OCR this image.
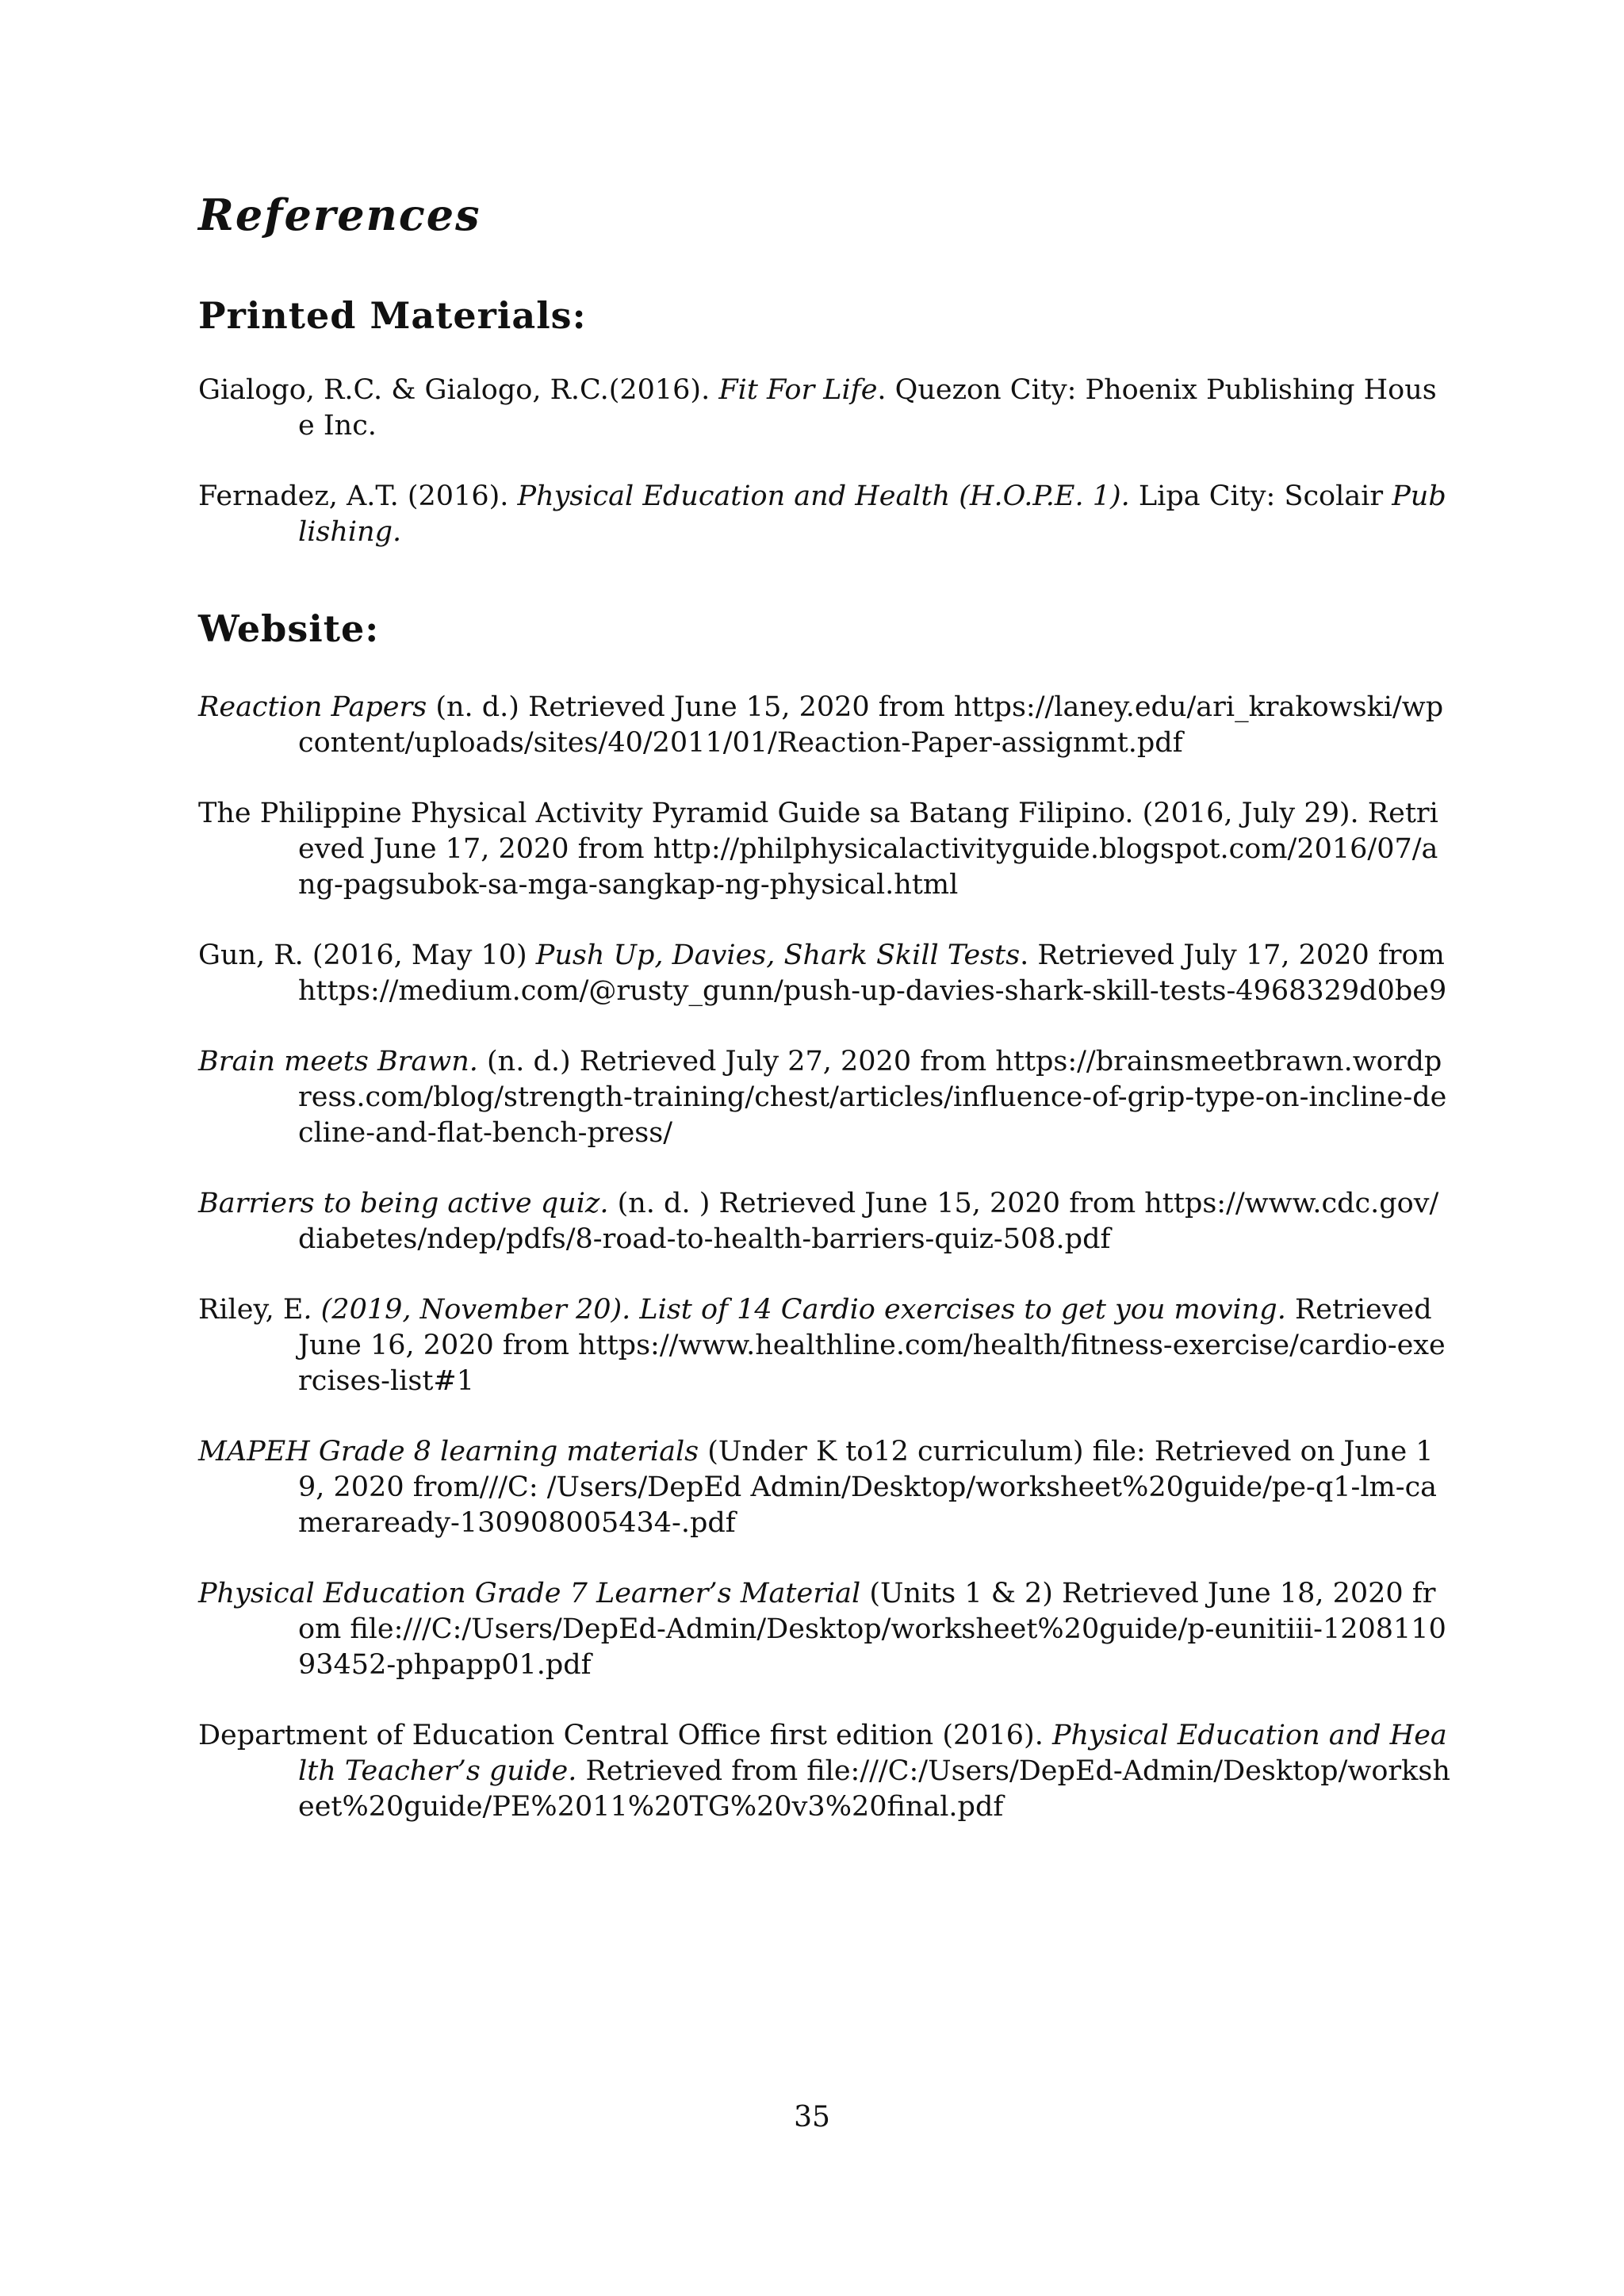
References
Printed Materials:

Gialogo, R.C. & Gialogo, R.C.(2016). Fit For Life. Quezon City: Phoenix Publishing House Inc.

Fernadez, A.T. (2016). Physical Education and Health (H.O.P.E. 1). Lipa City: Scolair Publishing.

Website:

Reaction Papers (n. d.) Retrieved June 15, 2020 from https://laney.edu/ari_krakowski/wpcontent/uploads/sites/40/2011/01/Reaction-Paper-assignmt.pdf

The Philippine Physical Activity Pyramid Guide sa Batang Filipino. (2016, July 29). Retrieved June 17, 2020 from http://philphysicalactivityguide.blogspot.com/2016/07/ang-pagsubok-sa-mga-sangkap-ng-physical.html

Gun, R. (2016, May 10) Push Up, Davies, Shark Skill Tests. Retrieved July 17, 2020 from https://medium.com/@rusty_gunn/push-up-davies-shark-skill-tests-4968329d0be9

Brain meets Brawn. (n. d.) Retrieved July 27, 2020 from https://brainsmeetbrawn.wordpress.com/blog/strength-training/chest/articles/influence-of-grip-type-on-incline-decline-and-flat-bench-press/

Barriers to being active quiz. (n. d. ) Retrieved June 15, 2020 from https://www.cdc.gov/diabetes/ndep/pdfs/8-road-to-health-barriers-quiz-508.pdf

Riley, E. (2019, November 20). List of 14 Cardio exercises to get you moving. Retrieved June 16, 2020 from https://www.healthline.com/health/fitness-exercise/cardio-exercises-list#1

MAPEH Grade 8 learning materials (Under K to12 curriculum) file: Retrieved on June 19, 2020 from///C: /Users/DepEd Admin/Desktop/worksheet%20guide/pe-q1-lm-cameraready-130908005434-.pdf

Physical Education Grade 7 Learner’s Material (Units 1 & 2) Retrieved June 18, 2020 from file:///C:/Users/DepEd-Admin/Desktop/worksheet%20guide/p-eunitiii-120811093452-phpapp01.pdf

Department of Education Central Office first edition (2016). Physical Education and Health Teacher’s guide. Retrieved from file:///C:/Users/DepEd-Admin/Desktop/worksheet%20guide/PE%2011%20TG%20v3%20final.pdf

35
